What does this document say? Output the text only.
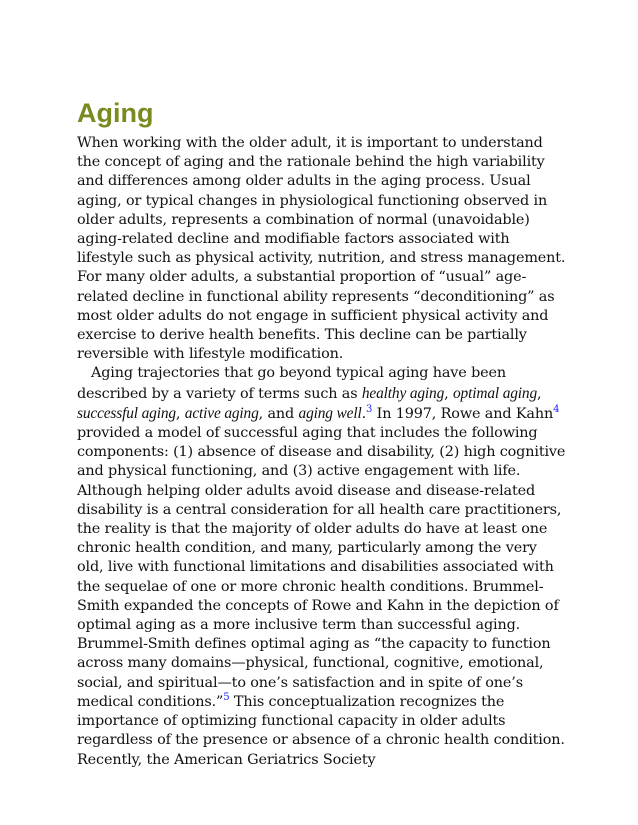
Aging

When working with the older adult, it is important to understand the concept of aging and the rationale behind the high variability and differences among older adults in the aging process. Usual aging, or typical changes in physiological functioning observed in older adults, represents a combination of normal (unavoidable) aging-related decline and modifiable factors associated with lifestyle such as physical activity, nutrition, and stress management. For many older adults, a substantial proportion of “usual” age-related decline in functional ability represents “deconditioning” as most older adults do not engage in sufficient physical activity and exercise to derive health benefits. This decline can be partially reversible with lifestyle modification.

Aging trajectories that go beyond typical aging have been described by a variety of terms such as healthy aging, optimal aging, successful aging, active aging, and aging well.$^3$ In 1997, Rowe and Kahn$^4$ provided a model of successful aging that includes the following components: (1) absence of disease and disability, (2) high cognitive and physical functioning, and (3) active engagement with life. Although helping older adults avoid disease and disease-related disability is a central consideration for all health care practitioners, the reality is that the majority of older adults do have at least one chronic health condition, and many, particularly among the very old, live with functional limitations and disabilities associated with the sequelae of one or more chronic health conditions. Brummel-Smith expanded the concepts of Rowe and Kahn in the depiction of optimal aging as a more inclusive term than successful aging. Brummel-Smith defines optimal aging as “the capacity to function across many domains—physical, functional, cognitive, emotional, social, and spiritual—to one’s satisfaction and in spite of one’s medical conditions.”$^5$ This conceptualization recognizes the importance of optimizing functional capacity in older adults regardless of the presence or absence of a chronic health condition. Recently, the American Geriatrics Society
